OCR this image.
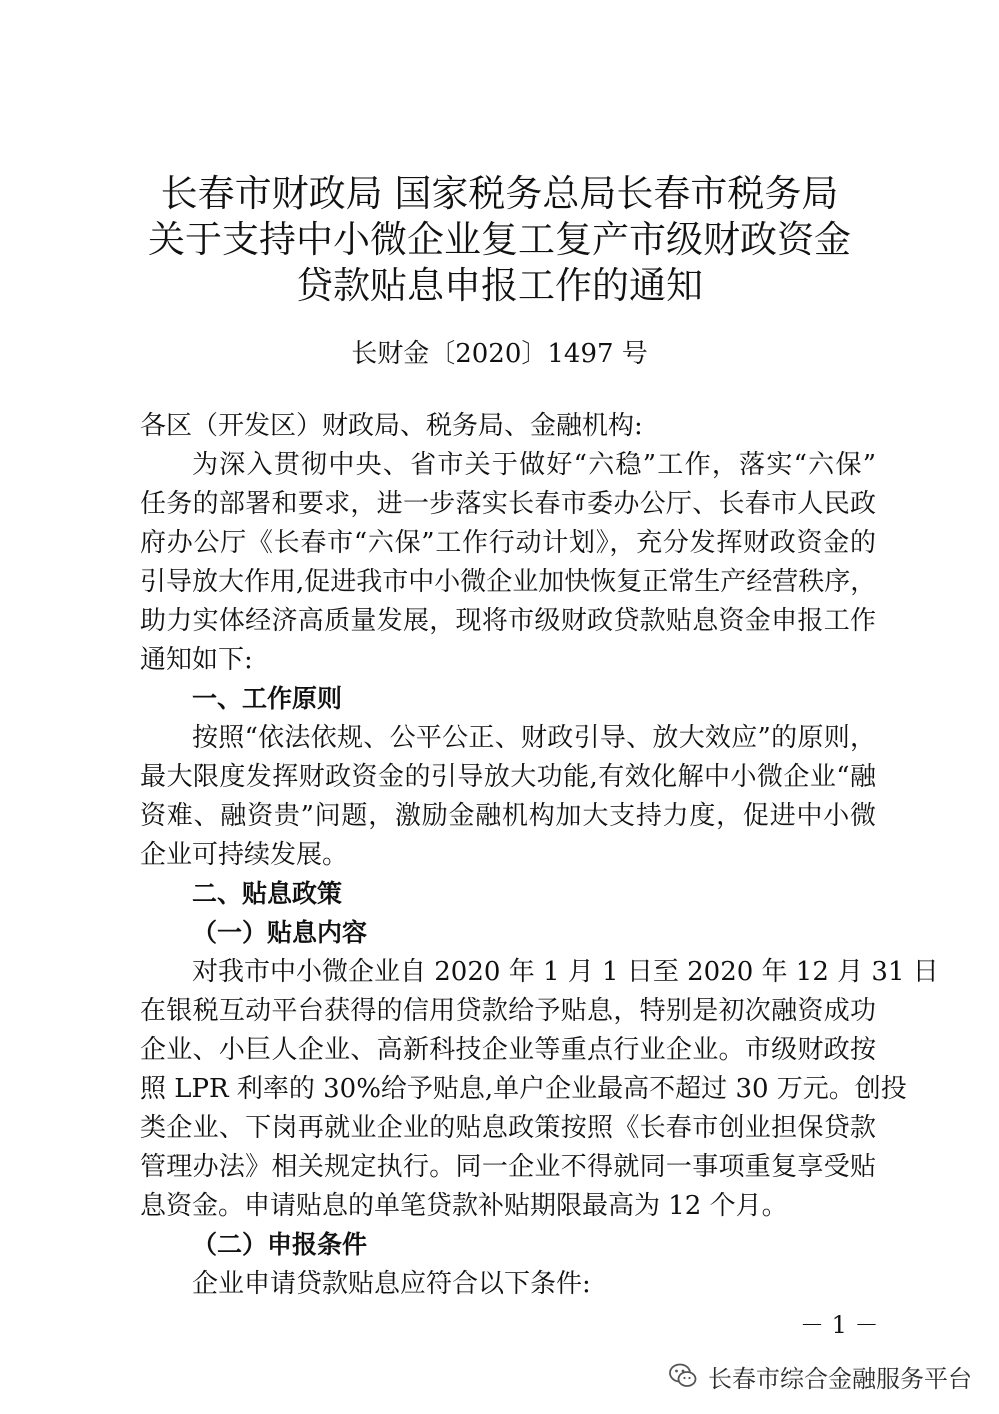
长春市财政局 国家税务总局长春市税务局
关于支持中小微企业复工复产市级财政资金
贷款贴息申报工作的通知
长财金〔2020〕1497 号
各区（开发区）财政局、税务局、金融机构:
为深入贯彻中央、省市关于做好“六稳”工作，落实“六保”
任务的部署和要求，进一步落实长春市委办公厅、长春市人民政
府办公厅《长春市“六保”工作行动计划》，充分发挥财政资金的
引导放大作用,促进我市中小微企业加快恢复正常生产经营秩序，
助力实体经济高质量发展，现将市级财政贷款贴息资金申报工作
通知如下:
一、工作原则
按照“依法依规、公平公正、财政引导、放大效应”的原则，
最大限度发挥财政资金的引导放大功能,有效化解中小微企业“融
资难、融资贵”问题，激励金融机构加大支持力度，促进中小微
企业可持续发展。
二、贴息政策
（一）贴息内容
对我市中小微企业自 2020 年 1 月 1 日至 2020 年 12 月 31 日
在银税互动平台获得的信用贷款给予贴息，特别是初次融资成功
企业、小巨人企业、高新科技企业等重点行业企业。市级财政按
照 LPR 利率的 30%给予贴息,单户企业最高不超过 30 万元。创投
类企业、下岗再就业企业的贴息政策按照《长春市创业担保贷款
管理办法》相关规定执行。同一企业不得就同一事项重复享受贴
息资金。申请贴息的单笔贷款补贴期限最高为 12 个月。
（二）申报条件
企业申请贷款贴息应符合以下条件:
－ 1 －
长春市综合金融服务平台
